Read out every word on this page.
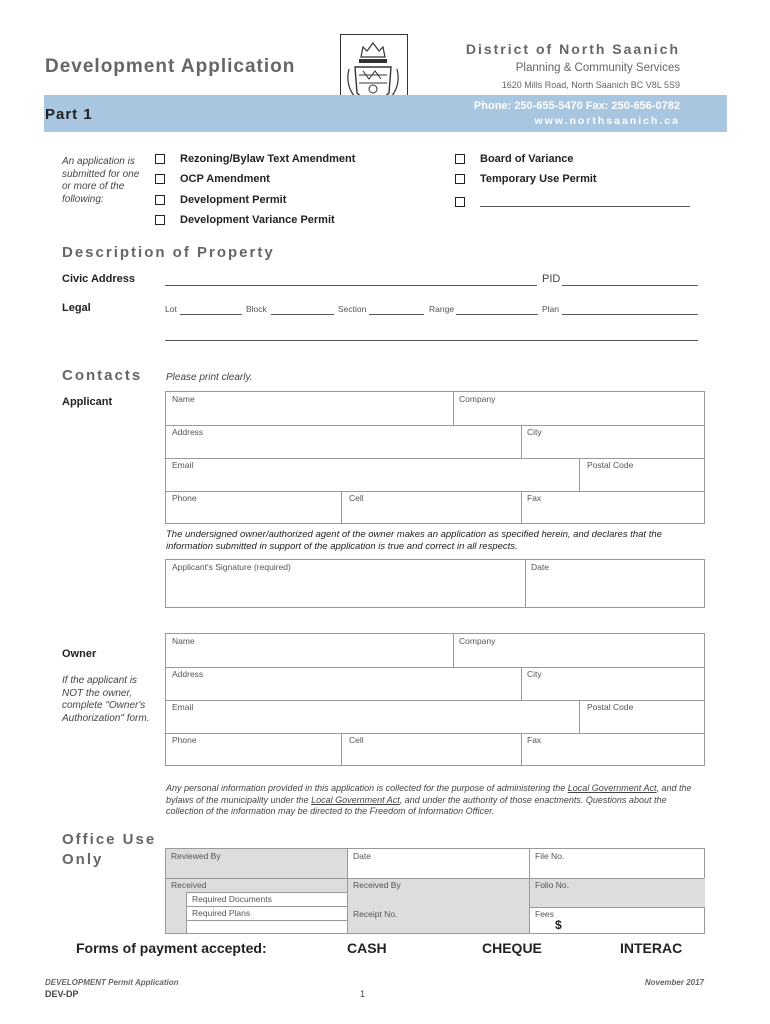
Development Application
District of North Saanich
Planning & Community Services
1620 Mills Road, North Saanich BC V8L 5S9
Part 1	Phone: 250-655-5470 Fax: 250-656-0782
www.northsaanich.ca
An application is submitted for one or more of the following:
Rezoning/Bylaw Text Amendment
OCP Amendment
Development Permit
Development Variance Permit
Board of Variance
Temporary Use Permit
Description of Property
Civic Address	PID
Legal	Lot	Block	Section	Range	Plan
Contacts Please print clearly.
Applicant	Name	Company
Address	City
Email	Postal Code
Phone	Cell	Fax
The undersigned owner/authorized agent of the owner makes an application as specified herein, and declares that the information submitted in support of the application is true and correct in all respects.
Applicant's Signature (required)	Date
Owner
If the applicant is NOT the owner, complete "Owner's Authorization" form.
Name	Company
Address	City
Email	Postal Code
Phone	Cell	Fax
Any personal information provided in this application is collected for the purpose of administering the Local Government Act, and the bylaws of the municipality under the Local Government Act, and under the authority of those enactments. Questions about the collection of the information may be directed to the Freedom of Information Officer.
Office Use Only	Reviewed By	Date	File No.
Received	Received By	Folio No.
Required Documents
Required Plans	Receipt No.	Fees
$
Forms of payment accepted:	CASH	CHEQUE	INTERAC
DEVELOPMENT Permit Application
DEV-DP	1
November 2017
